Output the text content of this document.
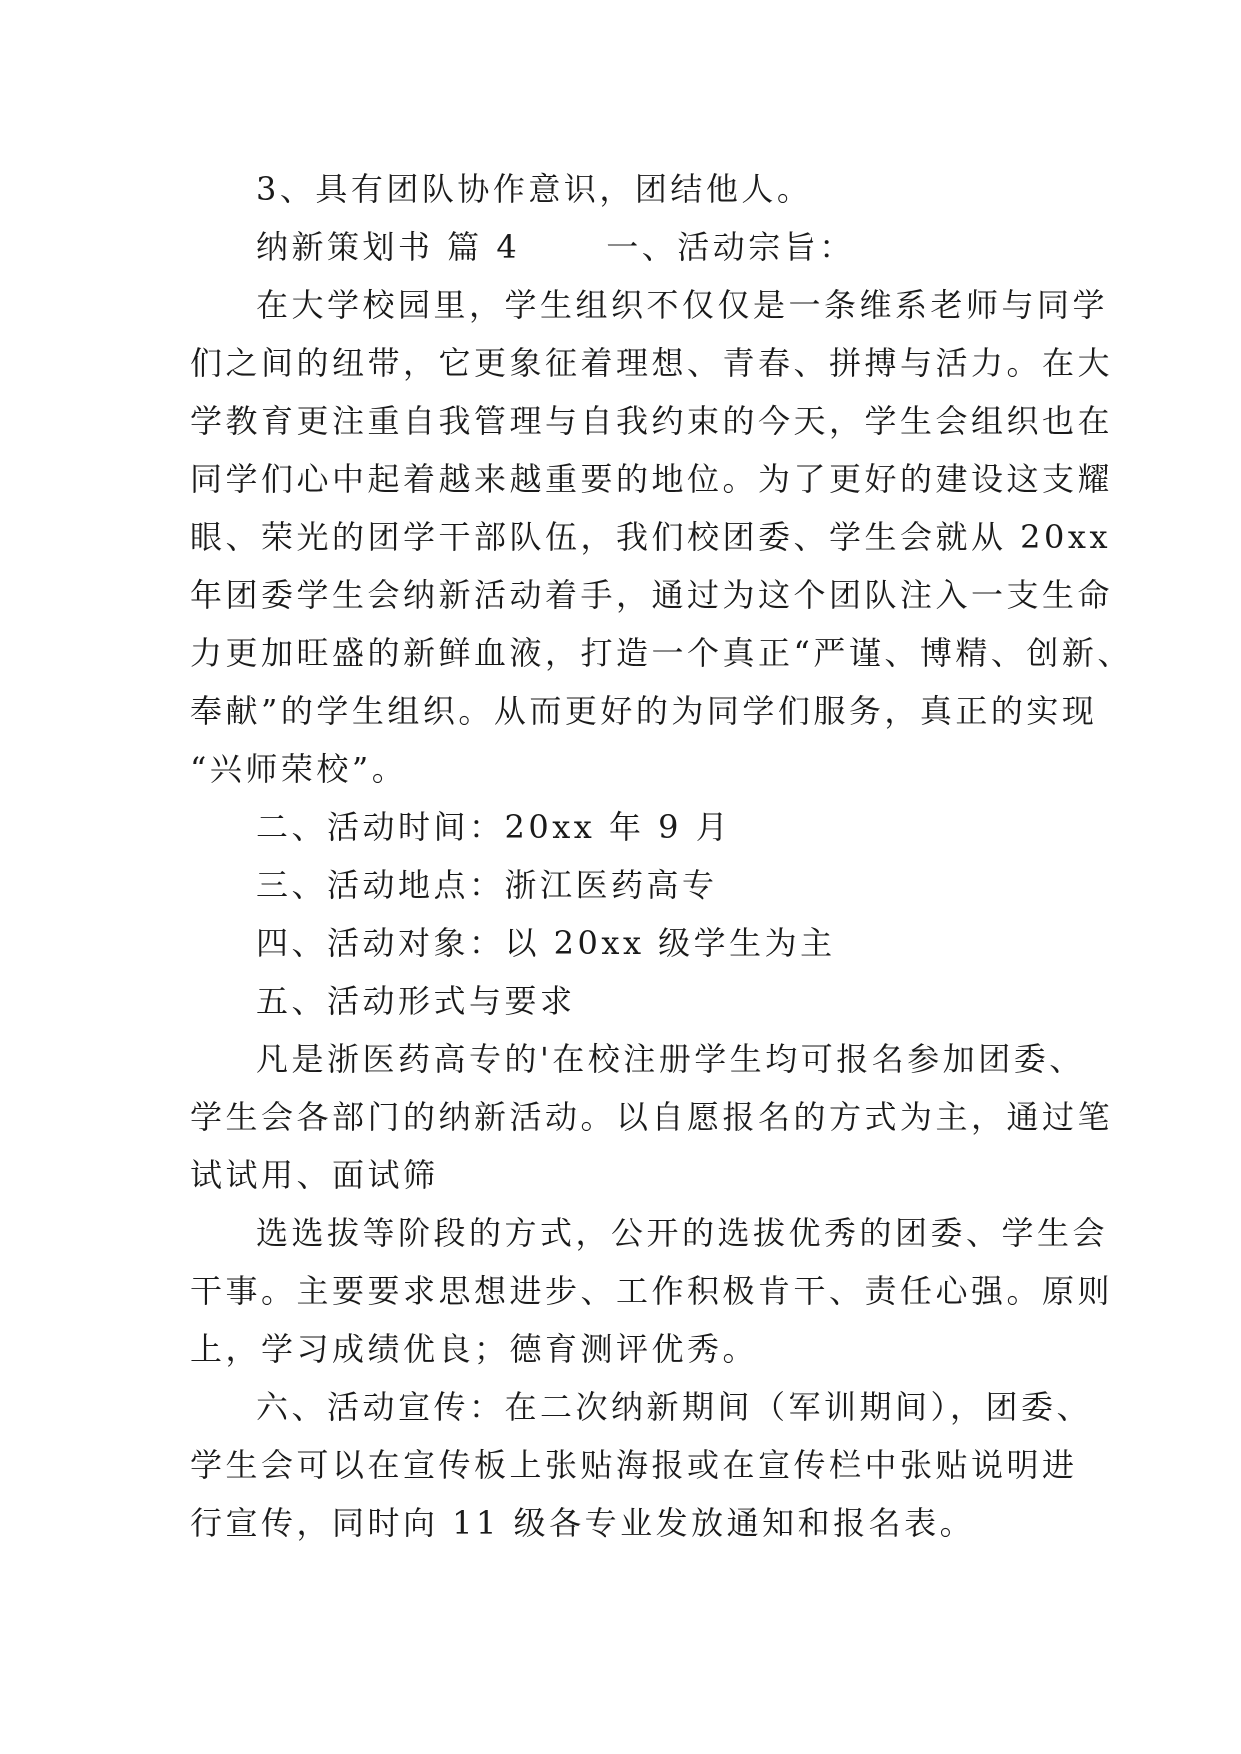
3、具有团队协作意识，团结他人。
纳新策划书 篇 4	一、活动宗旨：
在大学校园里，学生组织不仅仅是一条维系老师与同学
们之间的纽带，它更象征着理想、青春、拼搏与活力。在大
学教育更注重自我管理与自我约束的今天，学生会组织也在
同学们心中起着越来越重要的地位。为了更好的建设这支耀
眼、荣光的团学干部队伍，我们校团委、学生会就从 20xx
年团委学生会纳新活动着手，通过为这个团队注入一支生命
力更加旺盛的新鲜血液，打造一个真正“严谨、博精、创新、
奉献”的学生组织。从而更好的为同学们服务，真正的实现
“兴师荣校”。
二、活动时间：20xx 年 9 月
三、活动地点：浙江医药高专
四、活动对象：以 20xx 级学生为主
五、活动形式与要求
凡是浙医药高专的'在校注册学生均可报名参加团委、
学生会各部门的纳新活动。以自愿报名的方式为主，通过笔
试试用、面试筛
选选拔等阶段的方式，公开的选拔优秀的团委、学生会
干事。主要要求思想进步、工作积极肯干、责任心强。原则
上，学习成绩优良；德育测评优秀。
六、活动宣传：在二次纳新期间（军训期间），团委、
学生会可以在宣传板上张贴海报或在宣传栏中张贴说明进
行宣传，同时向 11 级各专业发放通知和报名表。
